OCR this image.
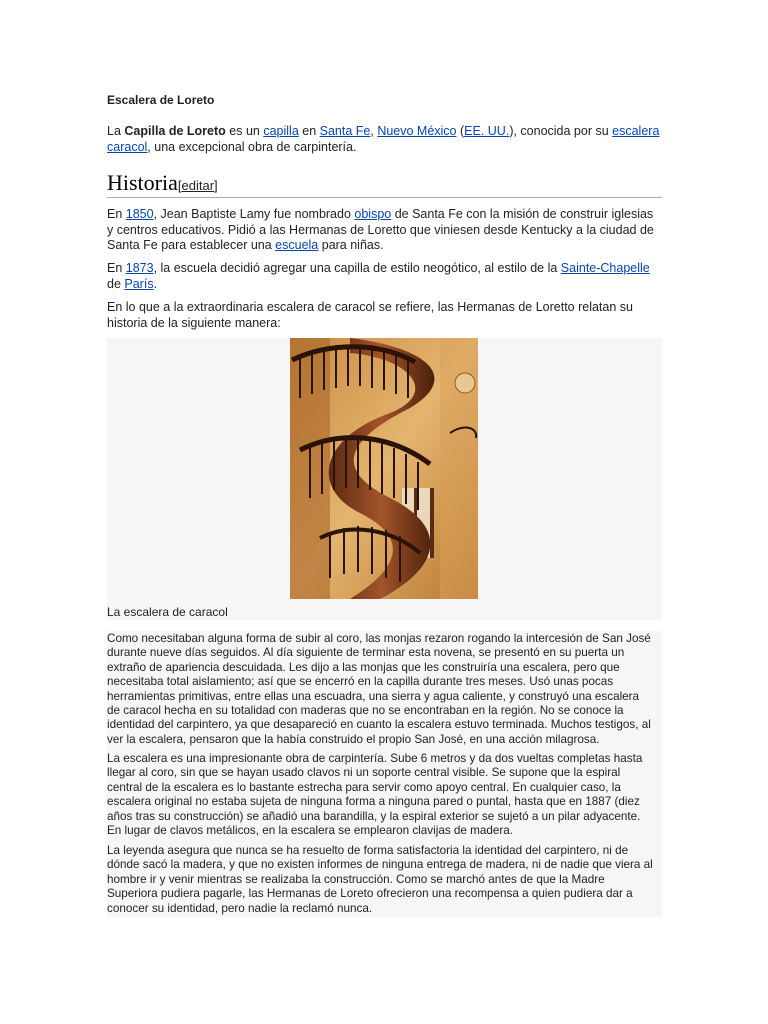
Escalera de Loreto
La Capilla de Loreto es un capilla en Santa Fe, Nuevo México (EE. UU.), conocida por su escalera caracol, una excepcional obra de carpintería.
Historia[editar]
En 1850, Jean Baptiste Lamy fue nombrado obispo de Santa Fe con la misión de construir iglesias y centros educativos. Pidió a las Hermanas de Loretto que viniesen desde Kentucky a la ciudad de Santa Fe para establecer una escuela para niñas.
En 1873, la escuela decidió agregar una capilla de estilo neogótico, al estilo de la Sainte-Chapelle de París.
En lo que a la extraordinaria escalera de caracol se refiere, las Hermanas de Loretto relatan su historia de la siguiente manera:
La escalera de caracol
Como necesitaban alguna forma de subir al coro, las monjas rezaron rogando la intercesión de San José durante nueve días seguidos. Al día siguiente de terminar esta novena, se presentó en su puerta un extraño de apariencia descuidada. Les dijo a las monjas que les construiría una escalera, pero que necesitaba total aislamiento; así que se encerró en la capilla durante tres meses. Usó unas pocas herramientas primitivas, entre ellas una escuadra, una sierra y agua caliente, y construyó una escalera de caracol hecha en su totalidad con maderas que no se encontraban en la región. No se conoce la identidad del carpintero, ya que desapareció en cuanto la escalera estuvo terminada. Muchos testigos, al ver la escalera, pensaron que la había construido el propio San José, en una acción milagrosa.
La escalera es una impresionante obra de carpintería. Sube 6 metros y da dos vueltas completas hasta llegar al coro, sin que se hayan usado clavos ni un soporte central visible. Se supone que la espiral central de la escalera es lo bastante estrecha para servir como apoyo central. En cualquier caso, la escalera original no estaba sujeta de ninguna forma a ninguna pared o puntal, hasta que en 1887 (diez años tras su construcción) se añadió una barandilla, y la espiral exterior se sujetó a un pilar adyacente. En lugar de clavos metálicos, en la escalera se emplearon clavijas de madera.
La leyenda asegura que nunca se ha resuelto de forma satisfactoria la identidad del carpintero, ni de dónde sacó la madera, y que no existen informes de ninguna entrega de madera, ni de nadie que viera al hombre ir y venir mientras se realizaba la construcción. Como se marchó antes de que la Madre Superiora pudiera pagarle, las Hermanas de Loreto ofrecieron una recompensa a quien pudiera dar a conocer su identidad, pero nadie la reclamó nunca.
